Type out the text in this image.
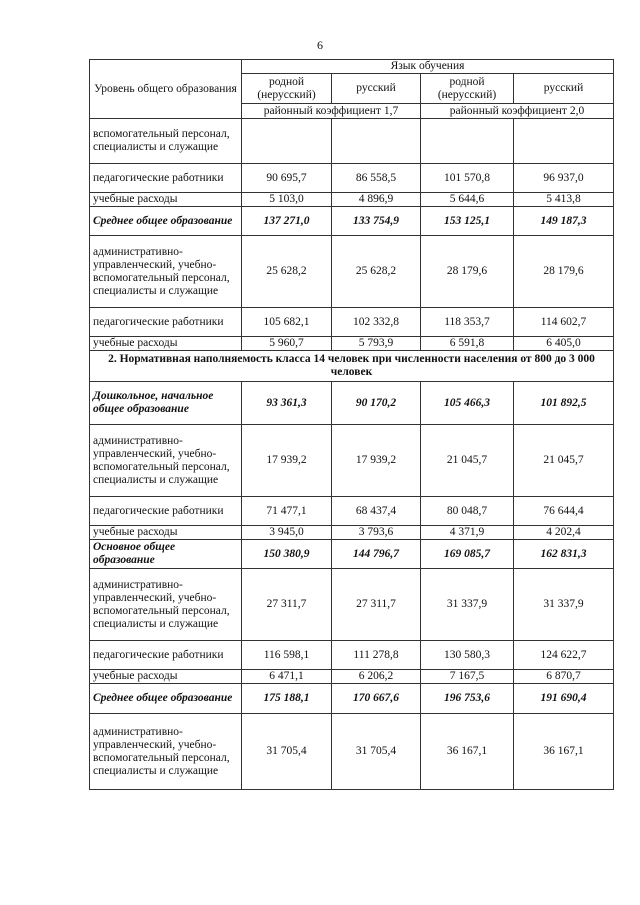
6
Уровень общего образования	Язык обучения			
	родной (нерусский)	русский	родной (нерусский)	русский
	районный коэффициент 1,7		районный коэффициент 2,0	
вспомогательный персонал, специалисты и служащие				
педагогические работники	90 695,7	86 558,5	101 570,8	96 937,0
учебные расходы	5 103,0	4 896,9	5 644,6	5 413,8
Среднее общее образование	137 271,0	133 754,9	153 125,1	149 187,3
административно-управленческий, учебно-вспомогательный персонал, специалисты и служащие	25 628,2	25 628,2	28 179,6	28 179,6
педагогические работники	105 682,1	102 332,8	118 353,7	114 602,7
учебные расходы	5 960,7	5 793,9	6 591,8	6 405,0
2. Нормативная наполняемость класса 14 человек при численности населения от 800 до 3 000 человек				
Дошкольное, начальное общее образование	93 361,3	90 170,2	105 466,3	101 892,5
административно-управленческий, учебно-вспомогательный персонал, специалисты и служащие	17 939,2	17 939,2	21 045,7	21 045,7
педагогические работники	71 477,1	68 437,4	80 048,7	76 644,4
учебные расходы	3 945,0	3 793,6	4 371,9	4 202,4
Основное общее образование	150 380,9	144 796,7	169 085,7	162 831,3
административно-управленческий, учебно-вспомогательный персонал, специалисты и служащие	27 311,7	27 311,7	31 337,9	31 337,9
педагогические работники	116 598,1	111 278,8	130 580,3	124 622,7
учебные расходы	6 471,1	6 206,2	7 167,5	6 870,7
Среднее общее образование	175 188,1	170 667,6	196 753,6	191 690,4
административно-управленческий, учебно-вспомогательный персонал, специалисты и служащие	31 705,4	31 705,4	36 167,1	36 167,1
